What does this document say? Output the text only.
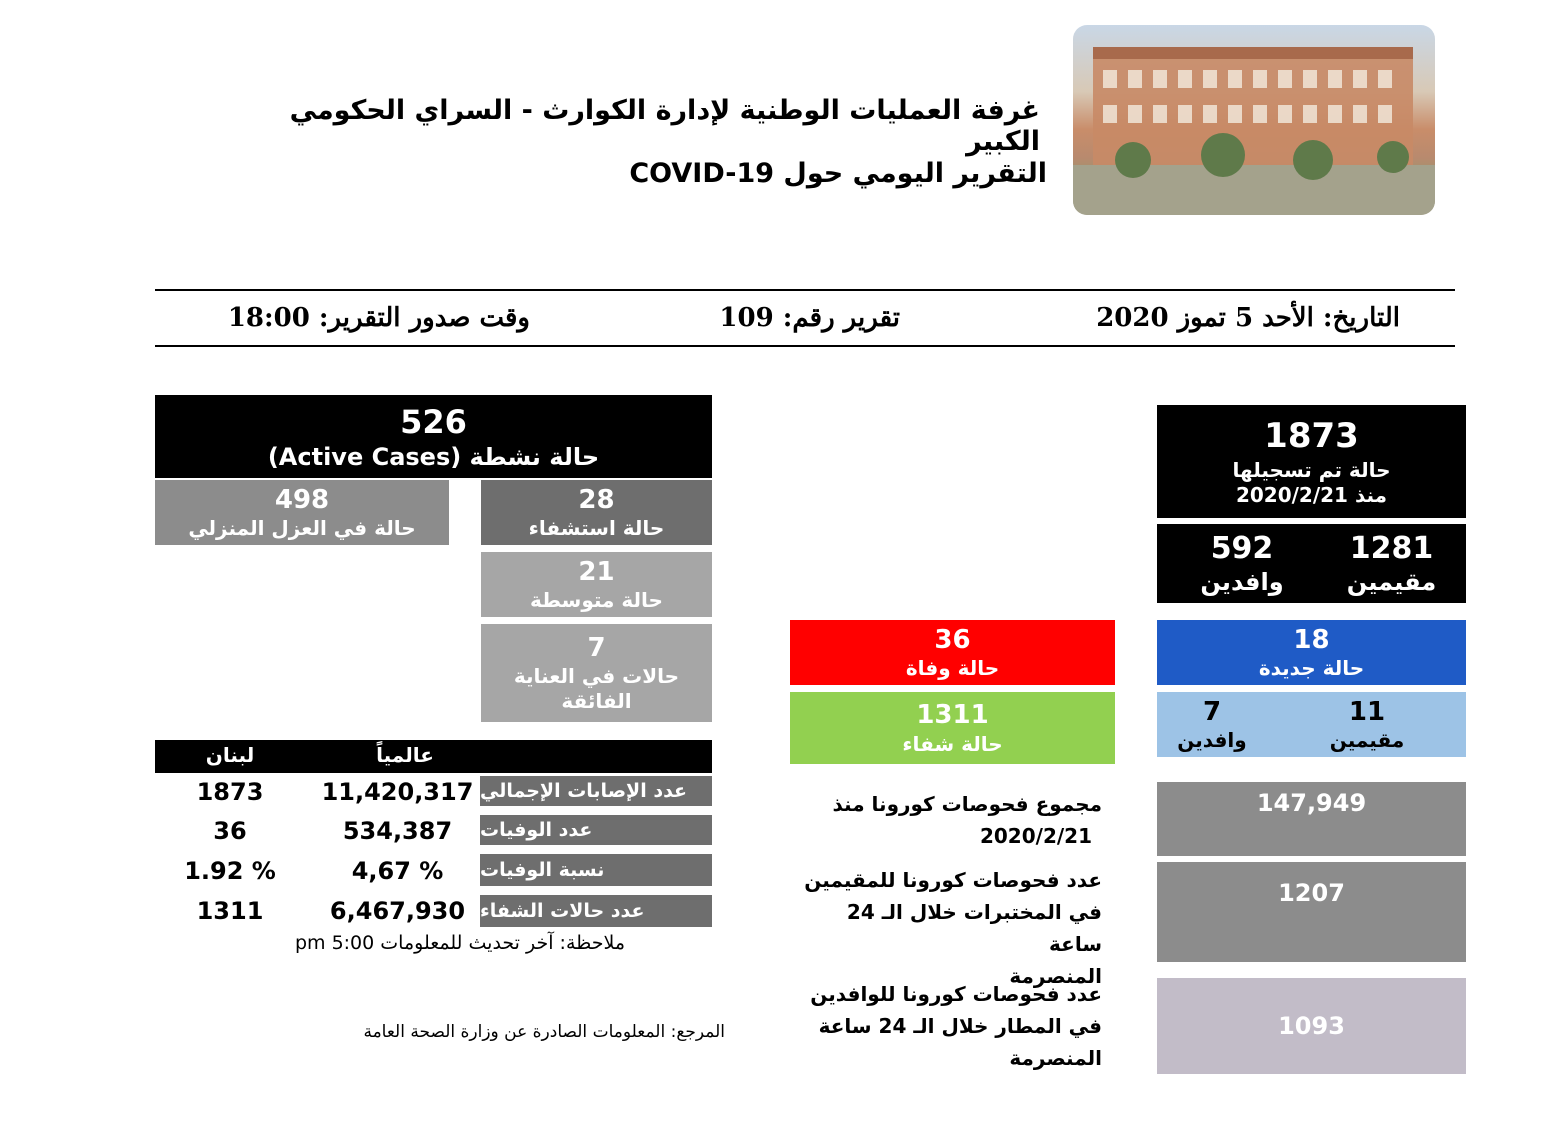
غرفة العمليات الوطنية لإدارة الكوارث - السراي الحكومي الكبير
التقرير اليومي حول COVID-19
التاريخ: الأحد 5 تموز 2020
تقرير رقم: 109
وقت صدور التقرير: 18:00
1873
حالة تم تسجيلها
منذ 2020/2/21
1281
مقيمين
592
وافدين
18
حالة جديدة
11
مقيمين
7
وافدين
36
حالة وفاة
1311
حالة شفاء
مجموع فحوصات كورونا منذ
2020/2/21
147,949
عدد فحوصات كورونا للمقيمين
في المختبرات خلال الـ 24 ساعة
المنصرمة
1207
عدد فحوصات كورونا للوافدين
في المطار خلال الـ 24 ساعة
المنصرمة
1093
526
حالة نشطة (Active Cases)
28
حالة استشفاء
498
حالة في العزل المنزلي
21
حالة متوسطة
7
حالات في العناية
الفائقة
عالمياً
لبنان
عدد الإصابات الإجمالي
11,420,317
1873
عدد الوفيات
534,387
36
نسبة الوفيات
4,67 %
1.92 %
عدد حالات الشفاء
6,467,930
1311
ملاحظة: آخر تحديث للمعلومات 5:00 pm
المرجع: المعلومات الصادرة عن وزارة الصحة العامة
